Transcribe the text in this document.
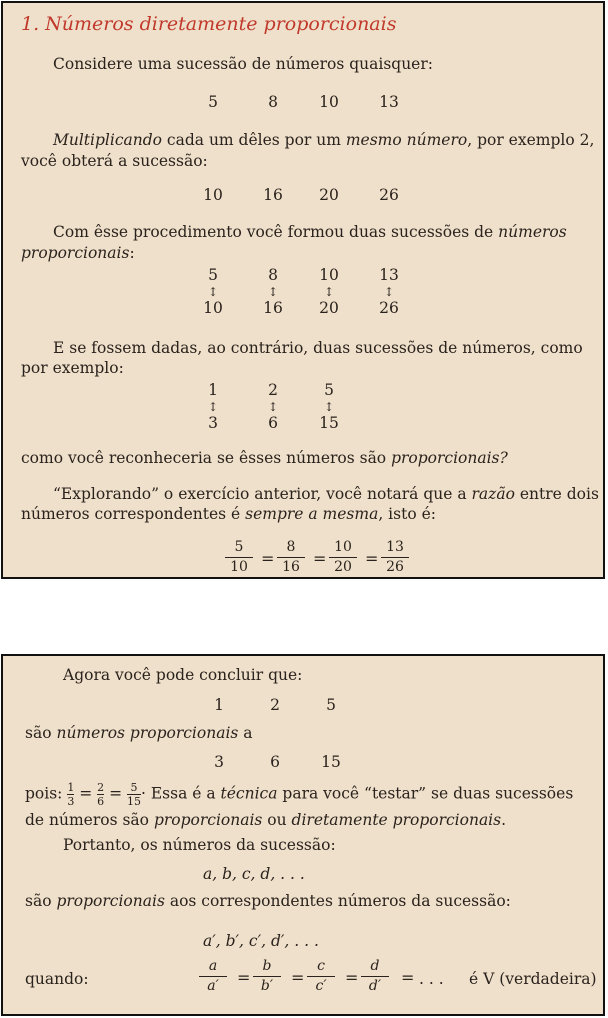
1. Números diretamente proporcionais
Considere uma sucessão de números quaisquer:
5	8	10	13
Multiplicando cada um dêles por um mesmo número, por exemplo 2,
você obterá a sucessão:
10	16	20	26
Com êsse procedimento você formou duas sucessões de números
proporcionais:
5	8	10	13
↕	↕	↕	↕
10	16	20	26
E se fossem dadas, ao contrário, duas sucessões de números, como
por exemplo:
1	2	5
↕	↕	↕
3	6	15
como você reconheceria se êsses números são proporcionais?
“Explorando” o exercício anterior, você notará que a razão entre dois
números correspondentes é sempre a mesma, isto é:
5
10 =
8
16 =
10
20 =
13
26
Agora você pode concluir que:
1	2	5
são números proporcionais a
3	6	15
pois: $\frac{1}{3} = \frac{2}{6} = \frac{5}{15}$ · Essa é a técnica para você “testar” se duas sucessões
de números são proporcionais ou diretamente proporcionais.
Portanto, os números da sucessão:
a, b, c, d, . . .
são proporcionais aos correspondentes números da sucessão:
a′, b′, c′, d′, . . .
quando:
a
a′	=
b
b′	=
c
c′	=
d
d′	= . . . é V (verdadeira)
